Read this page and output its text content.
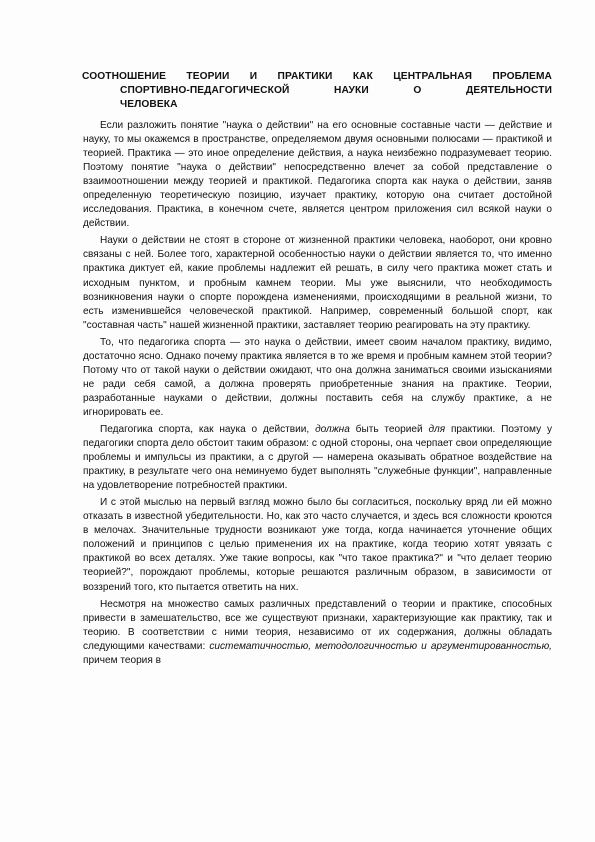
СООТНОШЕНИЕ ТЕОРИИ И ПРАКТИКИ КАК ЦЕНТРАЛЬНАЯ ПРОБЛЕМА
СПОРТИВНО-ПЕДАГОГИЧЕСКОЙ НАУКИ О ДЕЯТЕЛЬНОСТИ
ЧЕЛОВЕКА

Если разложить понятие "наука о действии" на его основные составные части — действие и науку, то мы окажемся в пространстве, определяемом двумя основными полюсами — практикой и теорией. Практика — это иное определение действия, а наука неизбежно подразумевает теорию. Поэтому понятие "наука о действии" непосредственно влечет за собой представление о взаимоотношении между теорией и практикой. Педагогика спорта как наука о действии, заняв определенную теоретическую позицию, изучает практику, которую она считает достойной исследования. Практика, в конечном счете, является центром приложения сил всякой науки о действии.

Науки о действии не стоят в стороне от жизненной практики человека, наоборот, они кровно связаны с ней. Более того, характерной особенностью науки о действии является то, что именно практика диктует ей, какие проблемы надлежит ей решать, в силу чего практика может стать и исходным пунктом, и пробным камнем теории. Мы уже выяснили, что необходимость возникновения науки о спорте порождена изменениями, происходящими в реальной жизни, то есть изменившейся человеческой практикой. Например, современный большой спорт, как "составная часть" нашей жизненной практики, заставляет теорию реагировать на эту практику.

То, что педагогика спорта — это наука о действии, имеет своим началом практику, видимо, достаточно ясно. Однако почему практика является в то же время и пробным камнем этой теории? Потому что от такой науки о действии ожидают, что она должна заниматься своими изысканиями не ради себя самой, а должна проверять приобретенные знания на практике. Теории, разработанные науками о действии, должны поставить себя на службу практике, а не игнорировать ее.

Педагогика спорта, как наука о действии, должна быть теорией для практики. Поэтому у педагогики спорта дело обстоит таким образом: с одной стороны, она черпает свои определяющие проблемы и импульсы из практики, а с другой — намерена оказывать обратное воздействие на практику, в результате чего она неминуемо будет выполнять "служебные функции", направленные на удовлетворение потребностей практики.

И с этой мыслью на первый взгляд можно было бы согласиться, поскольку вряд ли ей можно отказать в известной убедительности. Но, как это часто случается, и здесь вся сложности кроются в мелочах. Значительные трудности возникают уже тогда, когда начинается уточнение общих положений и принципов с целью применения их на практике, когда теорию хотят увязать с практикой во всех деталях. Уже такие вопросы, как "что такое практика?" и "что делает теорию теорией?", порождают проблемы, которые решаются различным образом, в зависимости от воззрений того, кто пытается ответить на них.

Несмотря на множество самых различных представлений о теории и практике, способных привести в замешательство, все же существуют признаки, характеризующие как практику, так и теорию. В соответствии с ними теория, независимо от их содержания, должны обладать следующими качествами: систематичностью, методологичностью и аргументированностью, причем теория в
